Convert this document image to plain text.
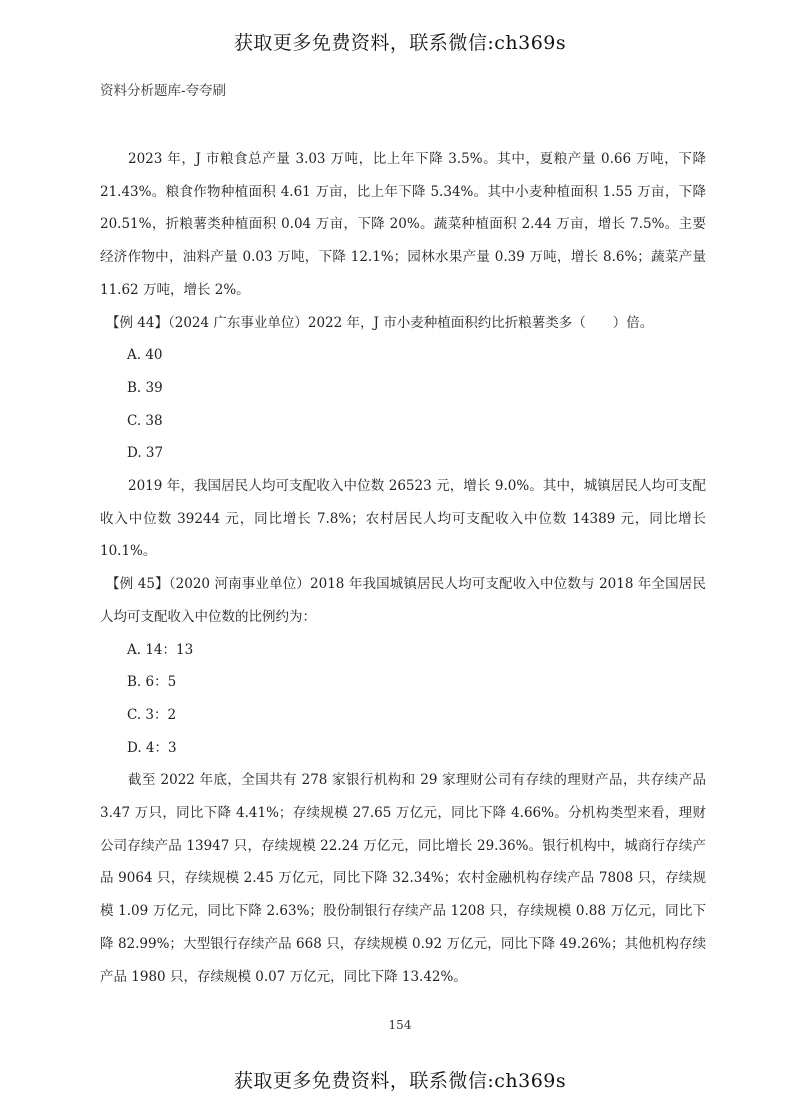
获取更多免费资料，联系微信:ch369s
资料分析题库-夸夸刷

2023 年，J 市粮食总产量 3.03 万吨，比上年下降 3.5%。其中，夏粮产量 0.66 万吨，下降 21.43%。粮食作物种植面积 4.61 万亩，比上年下降 5.34%。其中小麦种植面积 1.55 万亩，下降 20.51%，折粮薯类种植面积 0.04 万亩，下降 20%。蔬菜种植面积 2.44 万亩，增长 7.5%。主要经济作物中，油料产量 0.03 万吨，下降 12.1%；园林水果产量 0.39 万吨，增长 8.6%；蔬菜产量 11.62 万吨，增长 2%。

【例 44】（2024 广东事业单位）2022 年，J 市小麦种植面积约比折粮薯类多（　　）倍。

A. 40

B. 39

C. 38

D. 37

2019 年，我国居民人均可支配收入中位数 26523 元，增长 9.0%。其中，城镇居民人均可支配收入中位数 39244 元，同比增长 7.8%；农村居民人均可支配收入中位数 14389 元，同比增长 10.1%。

【例 45】（2020 河南事业单位）2018 年我国城镇居民人均可支配收入中位数与 2018 年全国居民人均可支配收入中位数的比例约为：

A. 14：13

B. 6：5

C. 3：2

D. 4：3

截至 2022 年底，全国共有 278 家银行机构和 29 家理财公司有存续的理财产品，共存续产品 3.47 万只，同比下降 4.41%；存续规模 27.65 万亿元，同比下降 4.66%。分机构类型来看，理财公司存续产品 13947 只，存续规模 22.24 万亿元，同比增长 29.36%。银行机构中，城商行存续产品 9064 只，存续规模 2.45 万亿元，同比下降 32.34%；农村金融机构存续产品 7808 只，存续规模 1.09 万亿元，同比下降 2.63%；股份制银行存续产品 1208 只，存续规模 0.88 万亿元，同比下降 82.99%；大型银行存续产品 668 只，存续规模 0.92 万亿元，同比下降 49.26%；其他机构存续产品 1980 只，存续规模 0.07 万亿元，同比下降 13.42%。

154
获取更多免费资料，联系微信:ch369s
